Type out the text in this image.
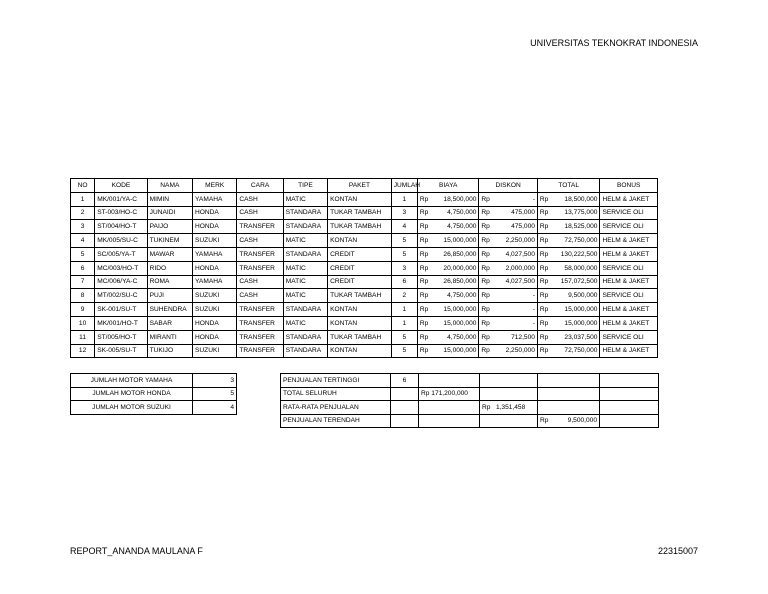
UNIVERSITAS TEKNOKRAT INDONESIA
NO	KODE	NAMA	MERK	CARA	TIPE	PAKET	JUMLAH	BIAYA	DISKON	TOTAL	BONUS
1	MK/001/YA-C	MIMIN	YAMAHA	CASH	MATIC	KONTAN	1	Rp 18,500,000	Rp -	Rp 18,500,000	HELM & JAKET
2	ST-003/HO-C	JUNAIDI	HONDA	CASH	STANDARA	TUKAR TAMBAH	3	Rp 4,750,000	Rp 475,000	Rp 13,775,000	SERVICE OLI
3	ST/004/HO-T	PAIJO	HONDA	TRANSFER	STANDARA	TUKAR TAMBAH	4	Rp 4,750,000	Rp 475,000	Rp 18,525,000	SERVICE OLI
4	MK/005/SU-C	TUKINEM	SUZUKI	CASH	MATIC	KONTAN	5	Rp 15,000,000	Rp 2,250,000	Rp 72,750,000	HELM & JAKET
5	SC/005/YA-T	MAWAR	YAMAHA	TRANSFER	STANDARA	CREDIT	5	Rp 26,850,000	Rp 4,027,500	Rp 130,222,500	HELM & JAKET
6	MC/003/HO-T	RIDO	HONDA	TRANSFER	MATIC	CREDIT	3	Rp 20,000,000	Rp 2,000,000	Rp 58,000,000	SERVICE OLI
7	MC/006/YA-C	ROMA	YAMAHA	CASH	MATIC	CREDIT	6	Rp 26,850,000	Rp 4,027,500	Rp 157,072,500	HELM & JAKET
8	MT/002/SU-C	PUJI	SUZUKI	CASH	MATIC	TUKAR TAMBAH	2	Rp 4,750,000	Rp -	Rp 9,500,000	SERVICE OLI
9	SK-001/SU-T	SUHENDRA	SUZUKI	TRANSFER	STANDARA	KONTAN	1	Rp 15,000,000	Rp -	Rp 15,000,000	HELM & JAKET
10	MK/001/HO-T	SABAR	HONDA	TRANSFER	MATIC	KONTAN	1	Rp 15,000,000	Rp -	Rp 15,000,000	HELM & JAKET
11	ST/005/HO-T	MIRANTI	HONDA	TRANSFER	STANDARA	TUKAR TAMBAH	5	Rp 4,750,000	Rp 712,500	Rp 23,037,500	SERVICE OLI
12	SK-005/SU-T	TUKIJO	SUZUKI	TRANSFER	STANDARA	KONTAN	5	Rp 15,000,000	Rp 2,250,000	Rp 72,750,000	HELM & JAKET
JUMLAH MOTOR YAMAHA	3
JUMLAH MOTOR HONDA	5
JUMLAH MOTOR SUZUKI	4
PENJUALAN TERTINGGI	6				
TOTAL SELURUH		Rp 171,200,000			
RATA-RATA PENJUALAN			Rp 1,351,458		
PENJUALAN TERENDAH				Rp 9,500,000	

REPORT_ANANDA MAULANA F	22315007
